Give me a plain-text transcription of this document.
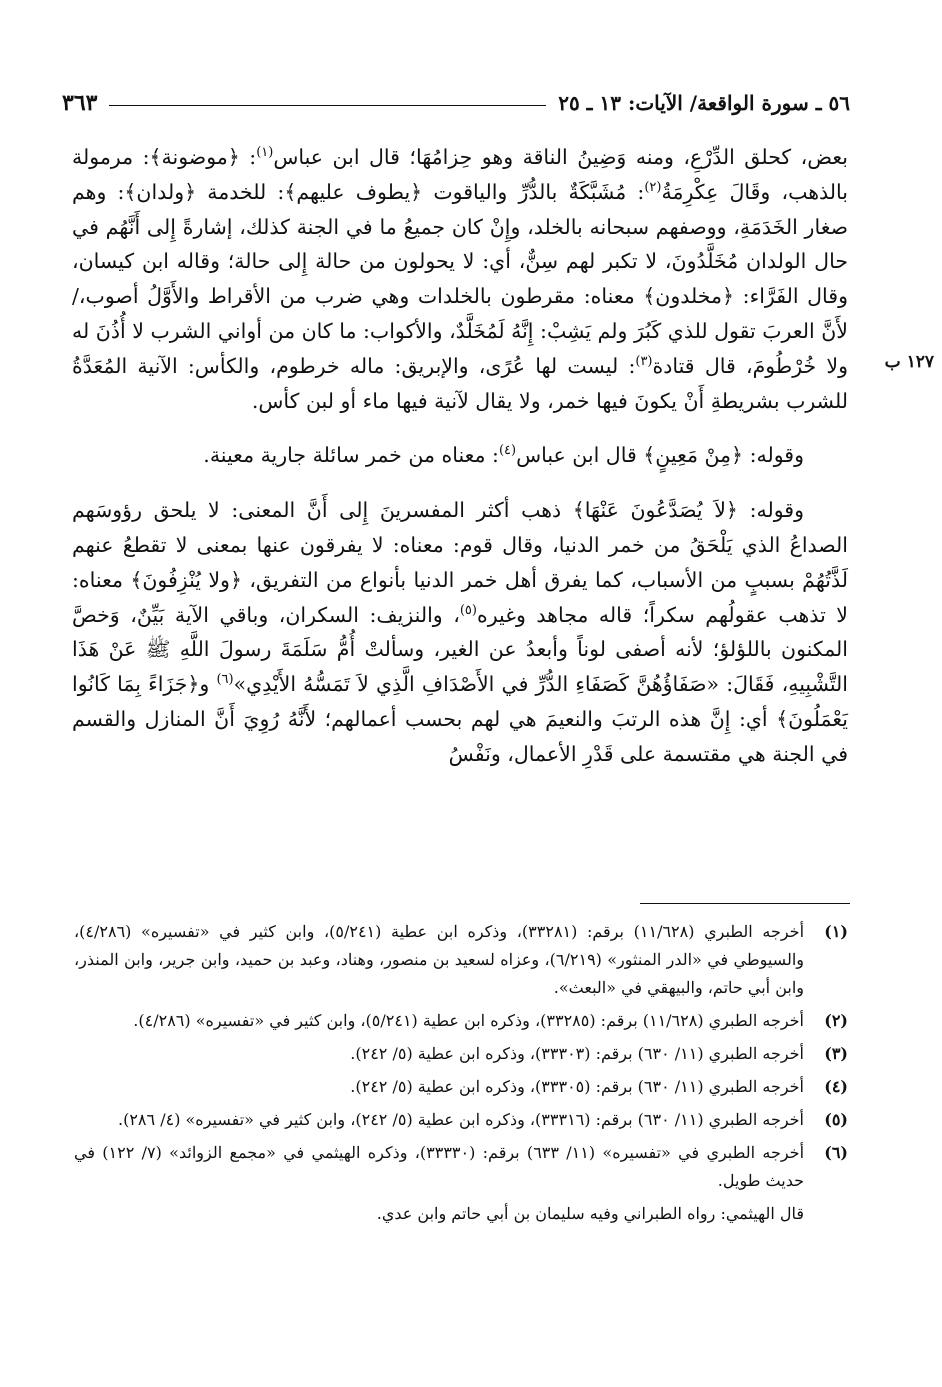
٥٦ ـ سورة الواقعة/ الآيات: ١٣ ـ ٢٥
٣٦٣
١٢٧ ب

بعض، كحلق الدِّرْعِ، ومنه وَضِينُ الناقة وهو حِزامُهَا؛ قال ابن عباس$^{(١)}$: ﴿موضونة﴾: مرمولة بالذهب، وقَالَ عِكْرِمَةُ$^{(٢)}$: مُشَبَّكَةٌ بالدُّرِّ والياقوت ﴿يطوف عليهم﴾: للخدمة ﴿ولدان﴾: وهم صغار الخَدَمَةِ، ووصفهم سبحانه بالخلد، وإِنْ كان جميعُ ما في الجنة كذلك، إشارةً إِلى أَنَّهُم في حال الولدان مُخَلَّدُونَ، لا تكبر لهم سِنٌّ، أي: لا يحولون من حالة إِلى حالة؛ وقاله ابن كيسان، وقال الفَرَّاء: ﴿مخلدون﴾ معناه: مقرطون بالخلدات وهي ضرب من الأقراط والأَوَّلُ أصوب،/ لأَنَّ العربَ تقول للذي كَبُرَ ولم يَشِبْ: إِنَّهُ لَمُخَلَّدٌ، والأكواب: ما كان من أواني الشرب لا أُذُنَ له ولا خُرْطُومَ، قال قتادة$^{(٣)}$: ليست لها عُرًى، والإبريق: ماله خرطوم، والكأس: الآنية المُعَدَّةُ للشرب بشريطةِ أَنْ يكونَ فيها خمر، ولا يقال لآنية فيها ماء أو لبن كأس.

وقوله: ﴿مِنْ مَعِينٍ﴾ قال ابن عباس$^{(٤)}$: معناه من خمر سائلة جارية معينة.

وقوله: ﴿لاَ يُصَدَّعُونَ عَنْهَا﴾ ذهب أكثر المفسرينَ إِلى أَنَّ المعنى: لا يلحق رؤوسَهم الصداعُ الذي يَلْحَقُ من خمر الدنيا، وقال قوم: معناه: لا يفرقون عنها بمعنى لا تقطعُ عنهم لَذَّتُهُمْ بسببٍ من الأسباب، كما يفرق أهل خمر الدنيا بأنواع من التفريق، ﴿ولا يُنْزِفُونَ﴾ معناه: لا تذهب عقولُهم سكراً؛ قاله مجاهد وغيره$^{(٥)}$، والنزيف: السكران، وباقي الآية بَيِّنٌ، وَخصَّ المكنون باللؤلؤ؛ لأنه أصفى لوناً وأبعدُ عن الغير، وسألتْ أُمُّ سَلَمَةَ رسولَ اللَّهِ ﷺ عَنْ هَذَا التَّشْبِيهِ، فَقَالَ: «صَفَاؤُهُنَّ كَصَفَاءِ الدُّرِّ في الأَصْدَافِ الَّذِي لاَ تَمَسُّهُ الأَيْدِي»$^{(٦)}$ و﴿جَزَاءً بِمَا كَانُوا يَعْمَلُونَ﴾ أي: إِنَّ هذه الرتبَ والنعيمَ هي لهم بحسب أعمالهم؛ لأَنَّهُ رُوِيَ أَنَّ المنازل والقسم في الجنة هي مقتسمة على قَدْرِ الأعمال، ونَفْسُ

(١)
أخرجه الطبري (١١/٦٢٨) برقم: (٣٣٢٨١)، وذكره ابن عطية (٥/٢٤١)، وابن كثير في «تفسيره» (٤/٢٨٦)، والسيوطي في «الدر المنثور» (٦/٢١٩)، وعزاه لسعيد بن منصور، وهناد، وعبد بن حميد، وابن جرير، وابن المنذر، وابن أبي حاتم، والبيهقي في «البعث».
(٢)
أخرجه الطبري (١١/٦٢٨) برقم: (٣٣٢٨٥)، وذكره ابن عطية (٥/٢٤١)، وابن كثير في «تفسيره» (٤/٢٨٦).
(٣)
أخرجه الطبري (١١/ ٦٣٠) برقم: (٣٣٣٠٣)، وذكره ابن عطية (٥/ ٢٤٢).
(٤)
أخرجه الطبري (١١/ ٦٣٠) برقم: (٣٣٣٠٥)، وذكره ابن عطية (٥/ ٢٤٢).
(٥)
أخرجه الطبري (١١/ ٦٣٠) برقم: (٣٣٣١٦)، وذكره ابن عطية (٥/ ٢٤٢)، وابن كثير في «تفسيره» (٤/ ٢٨٦).
(٦)
أخرجه الطبري في «تفسيره» (١١/ ٦٣٣) برقم: (٣٣٣٣٠)، وذكره الهيثمي في «مجمع الزوائد» (٧/ ١٢٢) في حديث طويل.
قال الهيثمي: رواه الطبراني وفيه سليمان بن أبي حاتم وابن عدي.
